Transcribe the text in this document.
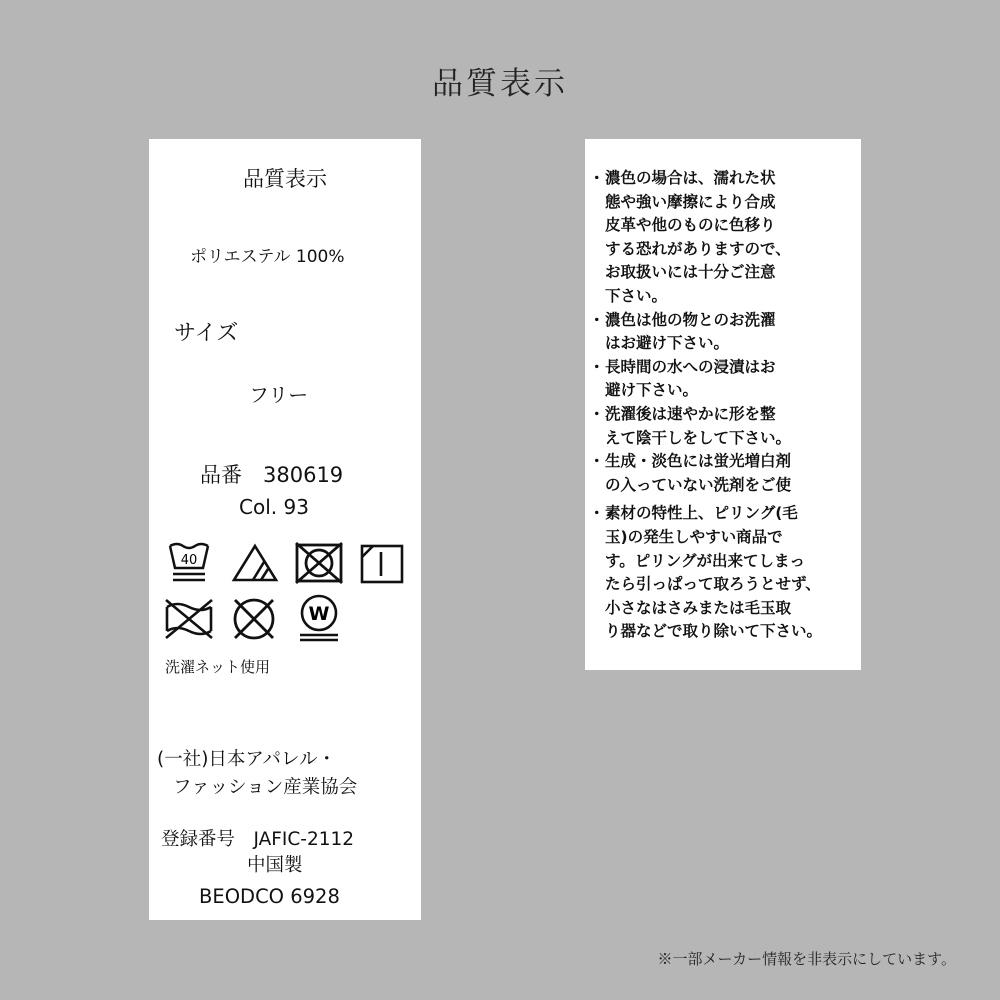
品質表示
品質表示
ポリエステル 100%
サイズ
フリー
品番　380619
Col. 93
40
W
洗濯ネット使用
(一社)日本アパレル・
ファッション産業協会
登録番号　JAFIC-2112
中国製
BEODCO 6928
・ 濃色の場合は、濡れた状
態や強い摩擦により合成
皮革や他のものに色移り
する恐れがありますので、
お取扱いには十分ご注意
下さい。
・ 濃色は他の物とのお洗濯
はお避け下さい。
・ 長時間の水への浸漬はお
避け下さい。
・ 洗濯後は速やかに形を整
えて陰干しをして下さい。
・ 生成・淡色には蛍光増白剤
の入っていない洗剤をご使
・ 素材の特性上、ピリング(毛
玉)の発生しやすい商品で
す。ピリングが出来てしまっ
たら引っぱって取ろうとせず、
小さなはさみまたは毛玉取
り器などで取り除いて下さい。
※一部メーカー情報を非表示にしています。
